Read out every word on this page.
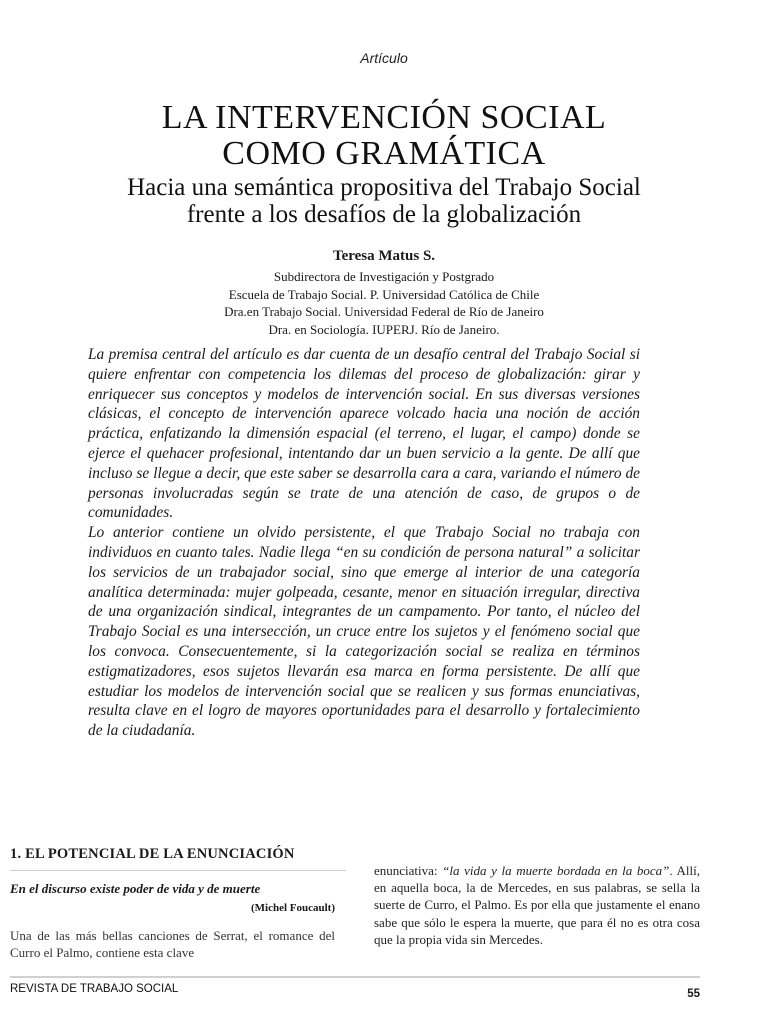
Artículo
LA INTERVENCIÓN SOCIAL
COMO GRAMÁTICA
Hacia una semántica propositiva del Trabajo Social
frente a los desafíos de la globalización
Teresa Matus S.
Subdirectora de Investigación y Postgrado
Escuela de Trabajo Social. P. Universidad Católica de Chile
Dra.en Trabajo Social. Universidad Federal de Río de Janeiro
Dra. en Sociología. IUPERJ. Río de Janeiro.

La premisa central del artículo es dar cuenta de un desafío central del Trabajo Social si quiere enfrentar con competencia los dilemas del proceso de globalización: girar y enriquecer sus conceptos y modelos de intervención social. En sus diversas versiones clásicas, el concepto de intervención aparece volcado hacia una noción de acción práctica, enfatizando la dimensión espacial (el terreno, el lugar, el campo) donde se ejerce el quehacer profesional, intentando dar un buen servicio a la gente. De allí que incluso se llegue a decir, que este saber se desarrolla cara a cara, variando el número de personas involucradas según se trate de una atención de caso, de grupos o de comunidades.

Lo anterior contiene un olvido persistente, el que Trabajo Social no trabaja con individuos en cuanto tales. Nadie llega “en su condición de persona natural” a solicitar los servicios de un trabajador social, sino que emerge al interior de una categoría analítica determinada: mujer golpeada, cesante, menor en situación irregular, directiva de una organización sindical, integrantes de un campamento. Por tanto, el núcleo del Trabajo Social es una intersección, un cruce entre los sujetos y el fenómeno social que los convoca. Consecuentemente, si la categorización social se realiza en términos estigmatizadores, esos sujetos llevarán esa marca en forma persistente. De allí que estudiar los modelos de intervención social que se realicen y sus formas enunciativas, resulta clave en el logro de mayores oportunidades para el desarrollo y fortalecimiento de la ciudadanía.

1. EL POTENCIAL DE LA ENUNCIACIÓN
En el discurso existe poder de vida y de muerte
(Michel Foucault)
Una de las más bellas canciones de Serrat, el romance del Curro el Palmo, contiene esta clave
enunciativa: “la vida y la muerte bordada en la boca”. Allí, en aquella boca, la de Mercedes, en sus palabras, se sella la suerte de Curro, el Palmo. Es por ella que justamente el enano sabe que sólo le espera la muerte, que para él no es otra cosa que la propia vida sin Mercedes.
REVISTA DE TRABAJO SOCIAL	55
